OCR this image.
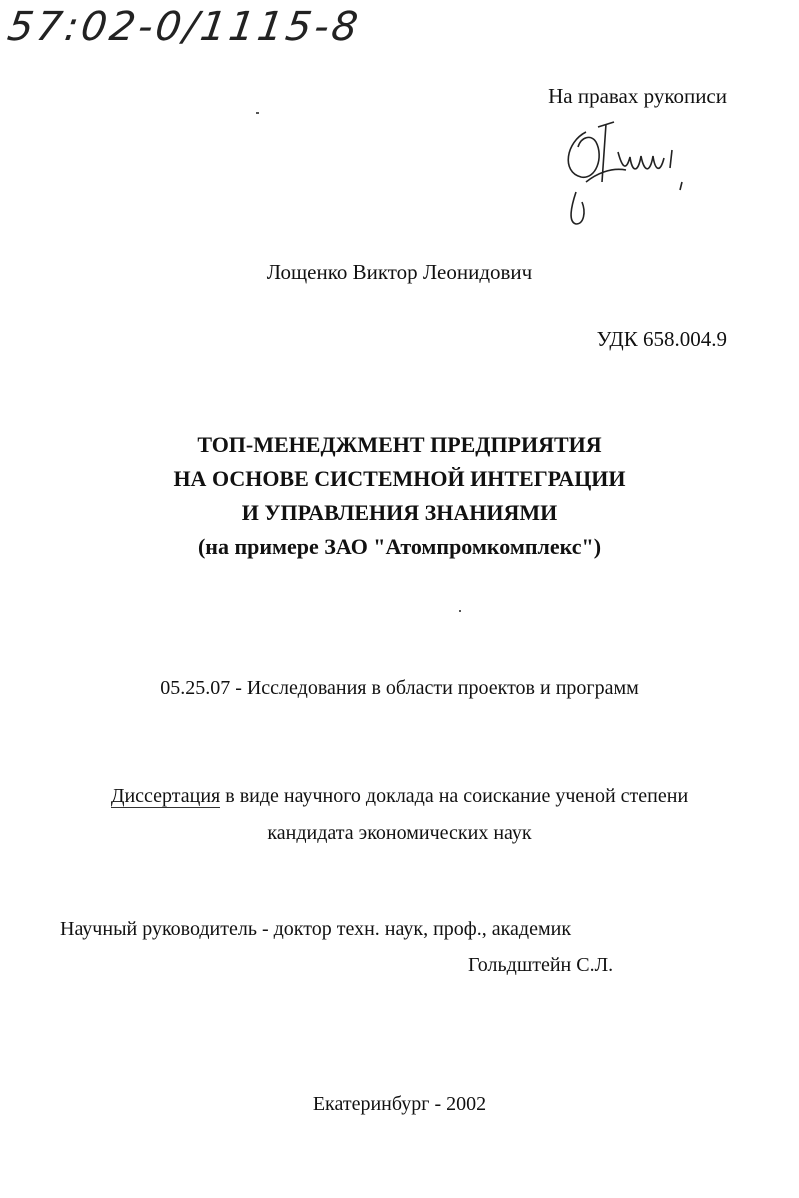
57:02-0/1115-8
На правах рукописи
Лощенко Виктор Леонидович
УДК 658.004.9
ТОП-МЕНЕДЖМЕНТ ПРЕДПРИЯТИЯ
НА ОСНОВЕ СИСТЕМНОЙ ИНТЕГРАЦИИ
И УПРАВЛЕНИЯ ЗНАНИЯМИ
(на примере ЗАО "Атомпромкомплекс")
05.25.07 - Исследования в области проектов и программ
Диссертация в виде научного доклада на соискание ученой степени
кандидата экономических наук
Научный руководитель - доктор техн. наук, проф., академик
Гольдштейн С.Л.
Екатеринбург - 2002
